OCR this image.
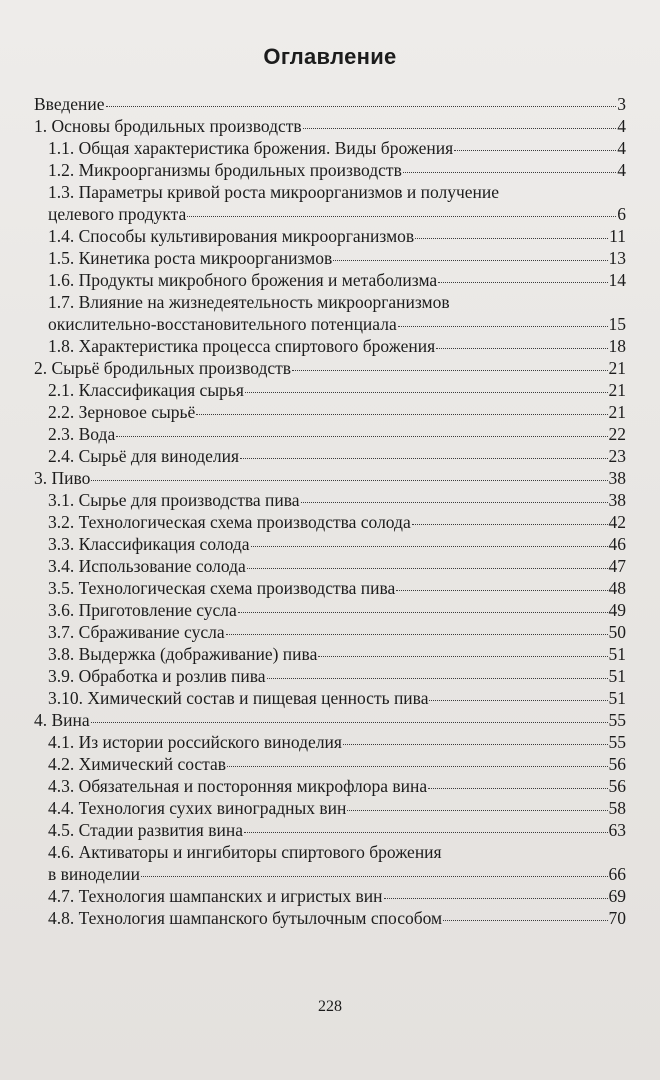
Оглавление
Введение	3
1. Основы бродильных производств	4
1.1. Общая характеристика брожения. Виды брожения	4
1.2. Микроорганизмы бродильных производств	4
1.3. Параметры кривой роста микроорганизмов и получение
целевого продукта	6
1.4. Способы культивирования микроорганизмов	11
1.5. Кинетика роста микроорганизмов	13
1.6. Продукты микробного брожения и метаболизма	14
1.7. Влияние на жизнедеятельность микроорганизмов
окислительно-восстановительного потенциала	15
1.8. Характеристика процесса спиртового брожения	18
2. Сырьё бродильных производств	21
2.1. Классификация сырья	21
2.2. Зерновое сырьё	21
2.3. Вода	22
2.4. Сырьё для виноделия	23
3. Пиво	38
3.1. Сырье для производства пива	38
3.2. Технологическая схема производства солода	42
3.3. Классификация солода	46
3.4. Использование солода	47
3.5. Технологическая схема производства пива	48
3.6. Приготовление сусла	49
3.7. Сбраживание сусла	50
3.8. Выдержка (дображивание) пива	51
3.9. Обработка и розлив пива	51
3.10. Химический состав и пищевая ценность пива	51
4. Вина	55
4.1. Из истории российского виноделия	55
4.2. Химический состав	56
4.3. Обязательная и посторонняя микрофлора вина	56
4.4. Технология сухих виноградных вин	58
4.5. Стадии развития вина	63
4.6. Активаторы и ингибиторы спиртового брожения
в виноделии	66
4.7. Технология шампанских и игристых вин	69
4.8. Технология шампанского бутылочным способом	70
228
